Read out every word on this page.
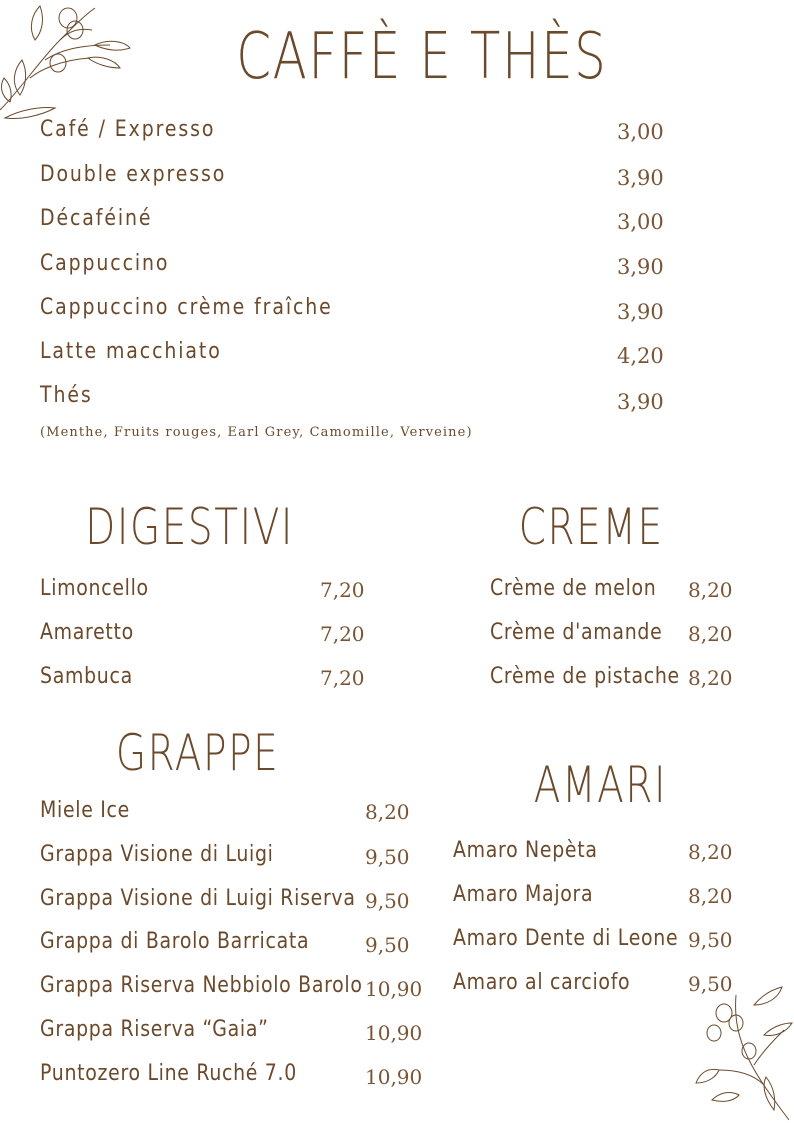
CAFFÈ E THÈS
Café / Expresso	3,00
Double expresso	3,90
Décaféiné	3,00
Cappuccino	3,90
Cappuccino crème fraîche	3,90
Latte macchiato	4,20
Thés	3,90
(Menthe, Fruits rouges, Earl Grey, Camomille, Verveine)
DIGESTIVI
Limoncello	7,20
Amaretto	7,20
Sambuca	7,20
CREME
Crème de melon 8,20
Crème d'amande 8,20
Crème de pistache 8,20
GRAPPE
Miele Ice	8,20
Grappa Visione di Luigi	9,50
Grappa Visione di Luigi Riserva 9,50
Grappa di Barolo Barricata	9,50
Grappa Riserva Nebbiolo Barolo 10,90
Grappa Riserva “Gaia”	10,90
Puntozero Line Ruché 7.0	10,90
AMARI
Amaro Nepèta	8,20
Amaro Majora	8,20
Amaro Dente di Leone 9,50
Amaro al carciofo	9,50
